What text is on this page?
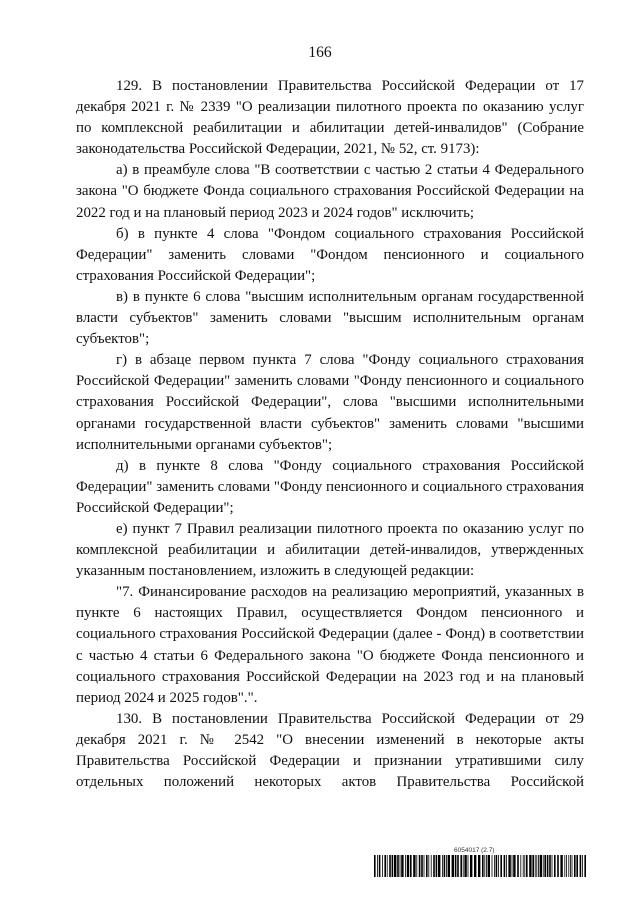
166

129. В постановлении Правительства Российской Федерации от 17 декабря 2021 г. № 2339 "О реализации пилотного проекта по оказанию услуг по комплексной реабилитации и абилитации детей-инвалидов" (Собрание законодательства Российской Федерации, 2021, № 52, ст. 9173):

а) в преамбуле слова "В соответствии с частью 2 статьи 4 Федерального закона "О бюджете Фонда социального страхования Российской Федерации на 2022 год и на плановый период 2023 и 2024 годов" исключить;

б) в пункте 4 слова "Фондом социального страхования Российской Федерации" заменить словами "Фондом пенсионного и социального страхования Российской Федерации";

в) в пункте 6 слова "высшим исполнительным органам государственной власти субъектов" заменить словами "высшим исполнительным органам субъектов";

г) в абзаце первом пункта 7 слова "Фонду социального страхования Российской Федерации" заменить словами "Фонду пенсионного и социального страхования Российской Федерации", слова "высшими исполнительными органами государственной власти субъектов" заменить словами "высшими исполнительными органами субъектов";

д) в пункте 8 слова "Фонду социального страхования Российской Федерации" заменить словами "Фонду пенсионного и социального страхования Российской Федерации";

е) пункт 7 Правил реализации пилотного проекта по оказанию услуг по комплексной реабилитации и абилитации детей-инвалидов, утвержденных указанным постановлением, изложить в следующей редакции:

"7. Финансирование расходов на реализацию мероприятий, указанных в пункте 6 настоящих Правил, осуществляется Фондом пенсионного и социального страхования Российской Федерации (далее - Фонд) в соответствии с частью 4 статьи 6 Федерального закона "О бюджете Фонда пенсионного и социального страхования Российской Федерации на 2023 год и на плановый период 2024 и 2025 годов".".

130. В постановлении Правительства Российской Федерации от 29 декабря 2021 г. № 2542 "О внесении изменений в некоторые акты Правительства Российской Федерации и признании утратившими силу отдельных положений некоторых актов Правительства Российской

6054017 (2.7)
